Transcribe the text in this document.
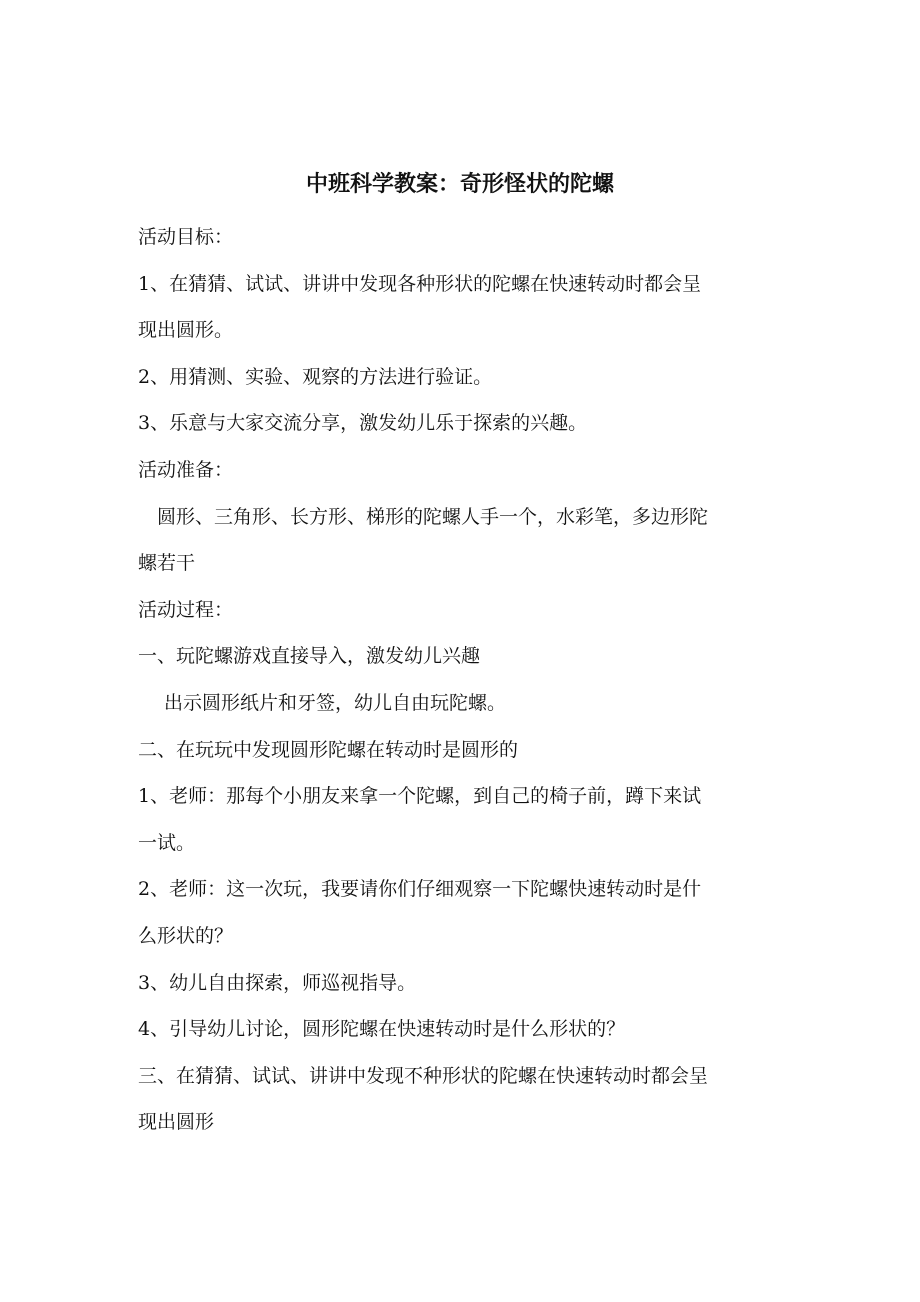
中班科学教案：奇形怪状的陀螺
活动目标：
1、在猜猜、试试、讲讲中发现各种形状的陀螺在快速转动时都会呈
现出圆形。
2、用猜测、实验、观察的方法进行验证。
3、乐意与大家交流分享，激发幼儿乐于探索的兴趣。
活动准备：
圆形、三角形、长方形、梯形的陀螺人手一个，水彩笔，多边形陀
螺若干
活动过程：
一、玩陀螺游戏直接导入，激发幼儿兴趣
出示圆形纸片和牙签，幼儿自由玩陀螺。
二、在玩玩中发现圆形陀螺在转动时是圆形的
1、老师：那每个小朋友来拿一个陀螺，到自己的椅子前，蹲下来试
一试。
2、老师：这一次玩，我要请你们仔细观察一下陀螺快速转动时是什
么形状的？
3、幼儿自由探索，师巡视指导。
4、引导幼儿讨论，圆形陀螺在快速转动时是什么形状的？
三、在猜猜、试试、讲讲中发现不种形状的陀螺在快速转动时都会呈
现出圆形
